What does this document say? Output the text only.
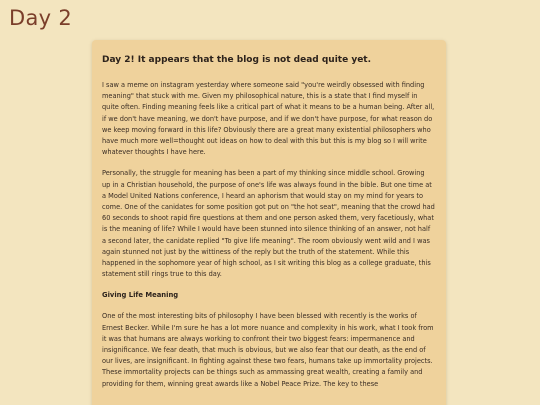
Day 2
Day 2! It appears that the blog is not dead quite yet.

I saw a meme on instagram yesterday where someone said "you're weirdly obsessed with finding meaning" that stuck with me. Given my philosophical nature, this is a state that I find myself in quite often. Finding meaning feels like a critical part of what it means to be a human being. After all, if we don't have meaning, we don't have purpose, and if we don't have purpose, for what reason do we keep moving forward in this life? Obviously there are a great many existential philosophers who have much more well=thought out ideas on how to deal with this but this is my blog so I will write whatever thoughts I have here.

Personally, the struggle for meaning has been a part of my thinking since middle school. Growing up in a Christian household, the purpose of one's life was always found in the bible. But one time at a Model United Nations conference, I heard an aphorism that would stay on my mind for years to come. One of the canidates for some position got put on "the hot seat", meaning that the crowd had 60 seconds to shoot rapid fire questions at them and one person asked them, very facetiously, what is the meaning of life? While I would have been stunned into silence thinking of an answer, not half a second later, the canidate replied "To give life meaning". The room obviously went wild and I was again stunned not just by the wittiness of the reply but the truth of the statement. While this happened in the sophomore year of high school, as I sit writing this blog as a college graduate, this statement still rings true to this day.

Giving Life Meaning

One of the most interesting bits of philosophy I have been blessed with recently is the works of Ernest Becker. While I'm sure he has a lot more nuance and complexity in his work, what I took from it was that humans are always working to confront their two biggest fears: impermanence and insignificance. We fear death, that much is obvious, but we also fear that our death, as the end of our lives, are insignificant. In fighting against these two fears, humans take up immortality projects. These immortality projects can be things such as ammassing great wealth, creating a family and providing for them, winning great awards like a Nobel Peace Prize. The key to these
